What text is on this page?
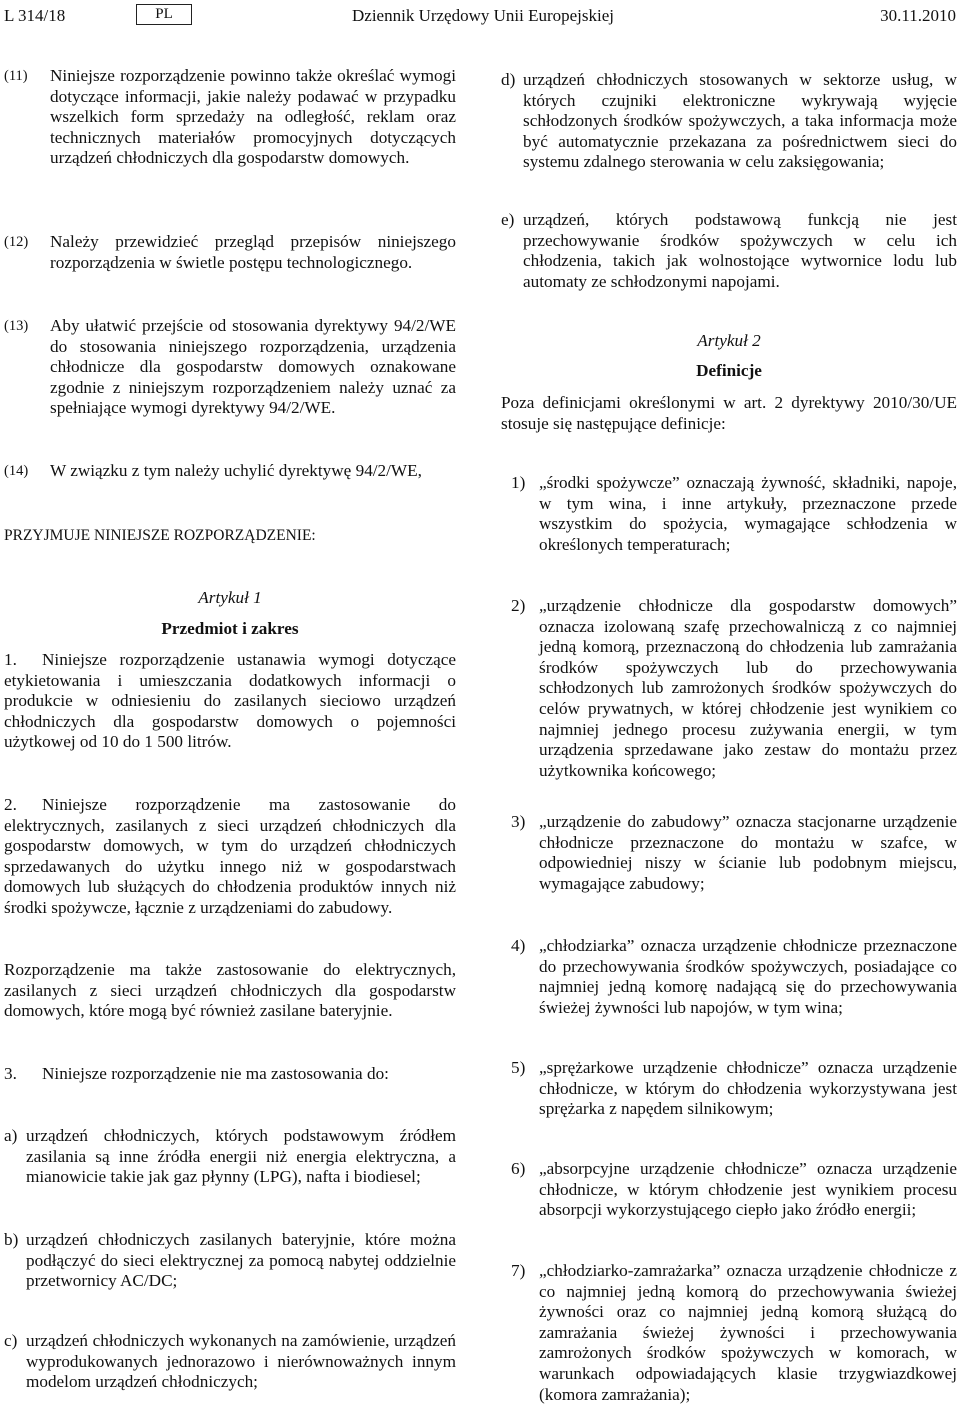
L 314/18	PL	Dziennik Urzędowy Unii Europejskiej	30.11.2010
(11) Niniejsze rozporządzenie powinno także określać wymogi dotyczące informacji, jakie należy podawać w przypadku wszelkich form sprzedaży na odległość, reklam oraz technicznych materiałów promocyjnych dotyczących urządzeń chłodniczych dla gospodarstw domowych.
(12) Należy przewidzieć przegląd przepisów niniejszego rozporządzenia w świetle postępu technologicznego.
(13) Aby ułatwić przejście od stosowania dyrektywy 94/2/WE do stosowania niniejszego rozporządzenia, urządzenia chłodnicze dla gospodarstw domowych oznakowane zgodnie z niniejszym rozporządzeniem należy uznać za spełniające wymogi dyrektywy 94/2/WE.
(14) W związku z tym należy uchylić dyrektywę 94/2/WE,
PRZYJMUJE NINIEJSZE ROZPORZĄDZENIE:
Artykuł 1
Przedmiot i zakres
1. Niniejsze rozporządzenie ustanawia wymogi dotyczące etykietowania i umieszczania dodatkowych informacji o produkcie w odniesieniu do zasilanych sieciowo urządzeń chłodniczych dla gospodarstw domowych o pojemności użytkowej od 10 do 1 500 litrów.
2. Niniejsze rozporządzenie ma zastosowanie do elektrycznych, zasilanych z sieci urządzeń chłodniczych dla gospodarstw domowych, w tym do urządzeń chłodniczych sprzedawanych do użytku innego niż w gospodarstwach domowych lub służących do chłodzenia produktów innych niż środki spożywcze, łącznie z urządzeniami do zabudowy.
Rozporządzenie ma także zastosowanie do elektrycznych, zasilanych z sieci urządzeń chłodniczych dla gospodarstw domowych, które mogą być również zasilane bateryjnie.
3. Niniejsze rozporządzenie nie ma zastosowania do:
a) urządzeń chłodniczych, których podstawowym źródłem zasilania są inne źródła energii niż energia elektryczna, a mianowicie takie jak gaz płynny (LPG), nafta i biodiesel;
b) urządzeń chłodniczych zasilanych bateryjnie, które można podłączyć do sieci elektrycznej za pomocą nabytej oddzielnie przetwornicy AC/DC;
c) urządzeń chłodniczych wykonanych na zamówienie, urządzeń wyprodukowanych jednorazowo i nierównoważnych innym modelom urządzeń chłodniczych;
d) urządzeń chłodniczych stosowanych w sektorze usług, w których czujniki elektroniczne wykrywają wyjęcie schłodzonych środków spożywczych, a taka informacja może być automatycznie przekazana za pośrednictwem sieci do systemu zdalnego sterowania w celu zaksięgowania;
e) urządzeń, których podstawową funkcją nie jest przechowywanie środków spożywczych w celu ich chłodzenia, takich jak wolnostojące wytwornice lodu lub automaty ze schłodzonymi napojami.
Artykuł 2
Definicje
Poza definicjami określonymi w art. 2 dyrektywy 2010/30/UE stosuje się następujące definicje:
1) „środki spożywcze” oznaczają żywność, składniki, napoje, w tym wina, i inne artykuły, przeznaczone przede wszystkim do spożycia, wymagające schłodzenia w określonych temperaturach;
2) „urządzenie chłodnicze dla gospodarstw domowych” oznacza izolowaną szafę przechowalniczą z co najmniej jedną komorą, przeznaczoną do chłodzenia lub zamrażania środków spożywczych lub do przechowywania schłodzonych lub zamrożonych środków spożywczych do celów prywatnych, w której chłodzenie jest wynikiem co najmniej jednego procesu zużywania energii, w tym urządzenia sprzedawane jako zestaw do montażu przez użytkownika końcowego;
3) „urządzenie do zabudowy” oznacza stacjonarne urządzenie chłodnicze przeznaczone do montażu w szafce, w odpowiedniej niszy w ścianie lub podobnym miejscu, wymagające zabudowy;
4) „chłodziarka” oznacza urządzenie chłodnicze przeznaczone do przechowywania środków spożywczych, posiadające co najmniej jedną komorę nadającą się do przechowywania świeżej żywności lub napojów, w tym wina;
5) „sprężarkowe urządzenie chłodnicze” oznacza urządzenie chłodnicze, w którym do chłodzenia wykorzystywana jest sprężarka z napędem silnikowym;
6) „absorpcyjne urządzenie chłodnicze” oznacza urządzenie chłodnicze, w którym chłodzenie jest wynikiem procesu absorpcji wykorzystującego ciepło jako źródło energii;
7) „chłodziarko-zamrażarka” oznacza urządzenie chłodnicze z co najmniej jedną komorą do przechowywania świeżej żywności oraz co najmniej jedną komorą służącą do zamrażania świeżej żywności i przechowywania zamrożonych środków spożywczych w komorach, w warunkach odpowiadających klasie trzygwiazdkowej (komora zamrażania);
